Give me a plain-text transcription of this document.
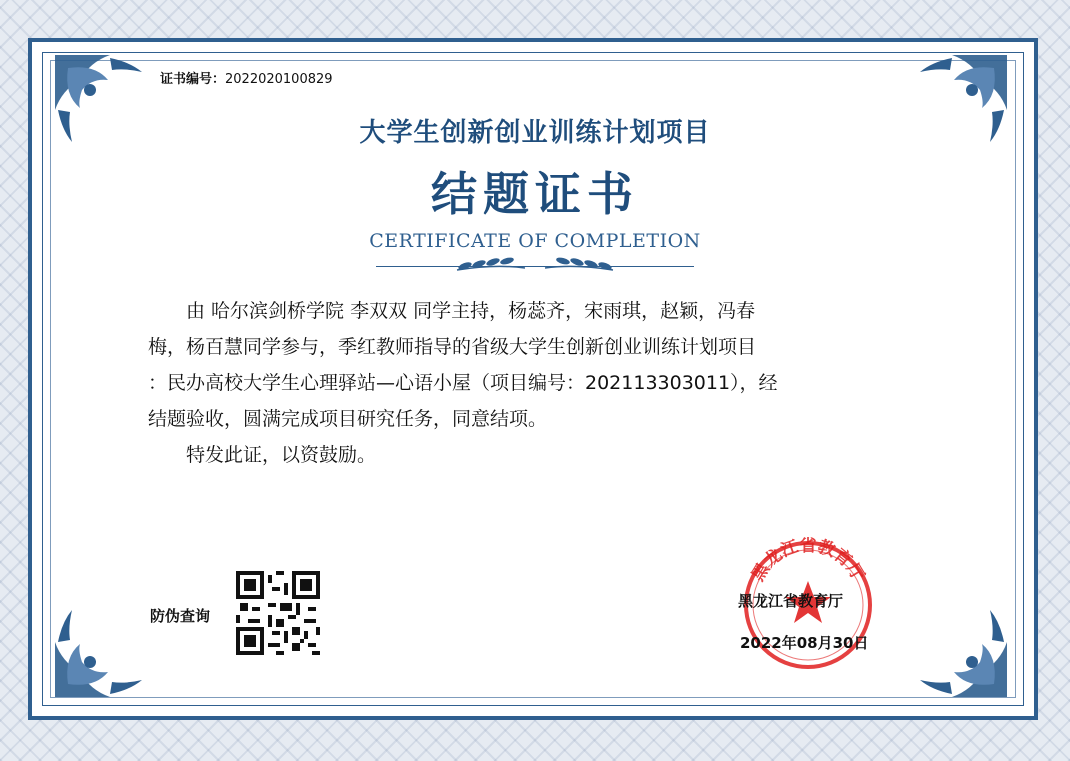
证书编号：2022020100829
大学生创新创业训练计划项目
结题证书
CERTIFICATE OF COMPLETION

由 哈尔滨剑桥学院 李双双 同学主持，杨蕊齐，宋雨琪，赵颖，冯春

梅，杨百慧同学参与，季红教师指导的省级大学生创新创业训练计划项目

：民办高校大学生心理驿站—心语小屋（项目编号：202113303011），经

结题验收，圆满完成项目研究任务，同意结项。

特发此证，以资鼓励。

防伪查询
黑龙江省教育厅
黑龙江省教育厅
2022年08月30日
